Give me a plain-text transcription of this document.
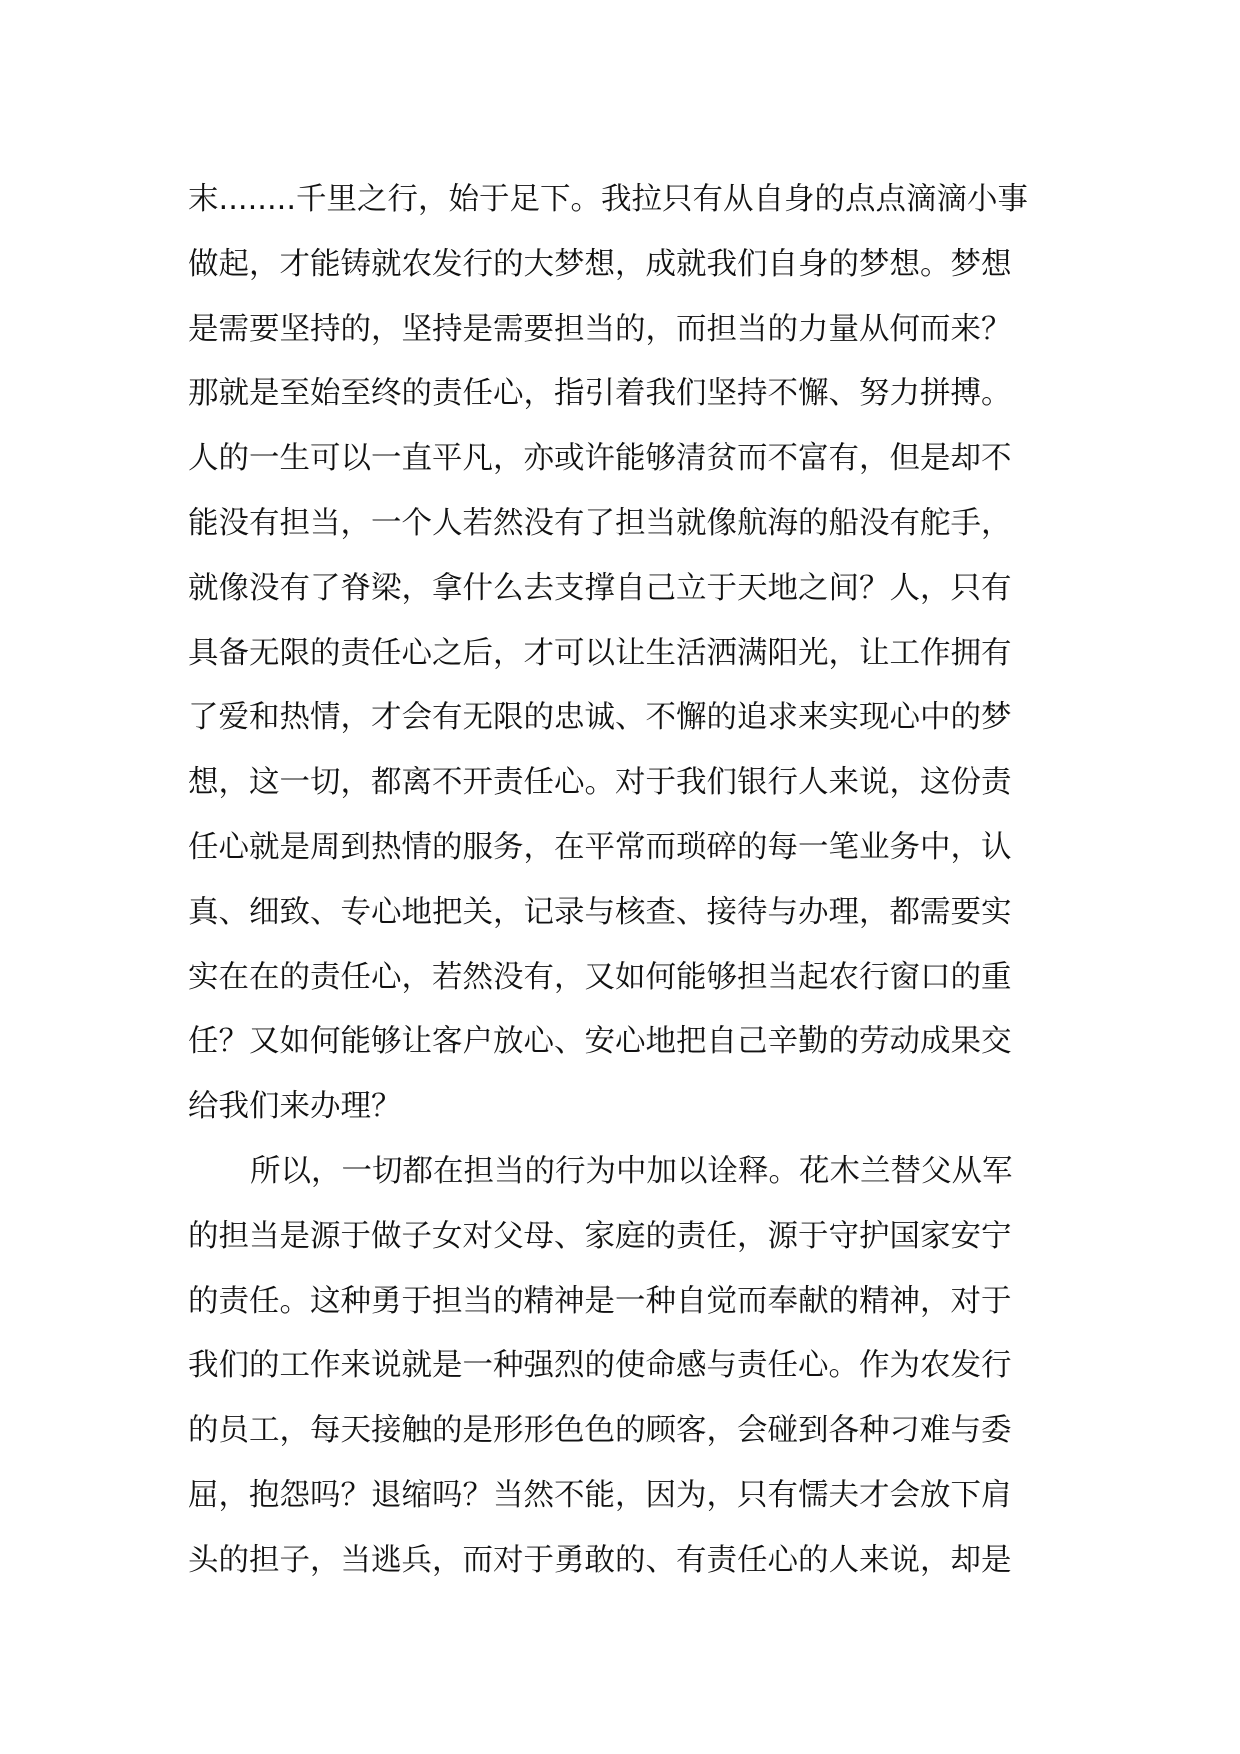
末........千里之行，始于足下。我拉只有从自身的点点滴滴小事
做起，才能铸就农发行的大梦想，成就我们自身的梦想。梦想
是需要坚持的，坚持是需要担当的，而担当的力量从何而来？
那就是至始至终的责任心，指引着我们坚持不懈、努力拼搏。
人的一生可以一直平凡，亦或许能够清贫而不富有，但是却不
能没有担当，一个人若然没有了担当就像航海的船没有舵手，
就像没有了脊梁，拿什么去支撑自己立于天地之间？人，只有
具备无限的责任心之后，才可以让生活洒满阳光，让工作拥有
了爱和热情，才会有无限的忠诚、不懈的追求来实现心中的梦
想，这一切，都离不开责任心。对于我们银行人来说，这份责
任心就是周到热情的服务，在平常而琐碎的每一笔业务中，认
真、细致、专心地把关，记录与核查、接待与办理，都需要实
实在在的责任心，若然没有，又如何能够担当起农行窗口的重
任？又如何能够让客户放心、安心地把自己辛勤的劳动成果交
给我们来办理？
所以，一切都在担当的行为中加以诠释。花木兰替父从军
的担当是源于做子女对父母、家庭的责任，源于守护国家安宁
的责任。这种勇于担当的精神是一种自觉而奉献的精神，对于
我们的工作来说就是一种强烈的使命感与责任心。作为农发行
的员工，每天接触的是形形色色的顾客，会碰到各种刁难与委
屈，抱怨吗？退缩吗？当然不能，因为，只有懦夫才会放下肩
头的担子，当逃兵，而对于勇敢的、有责任心的人来说，却是
